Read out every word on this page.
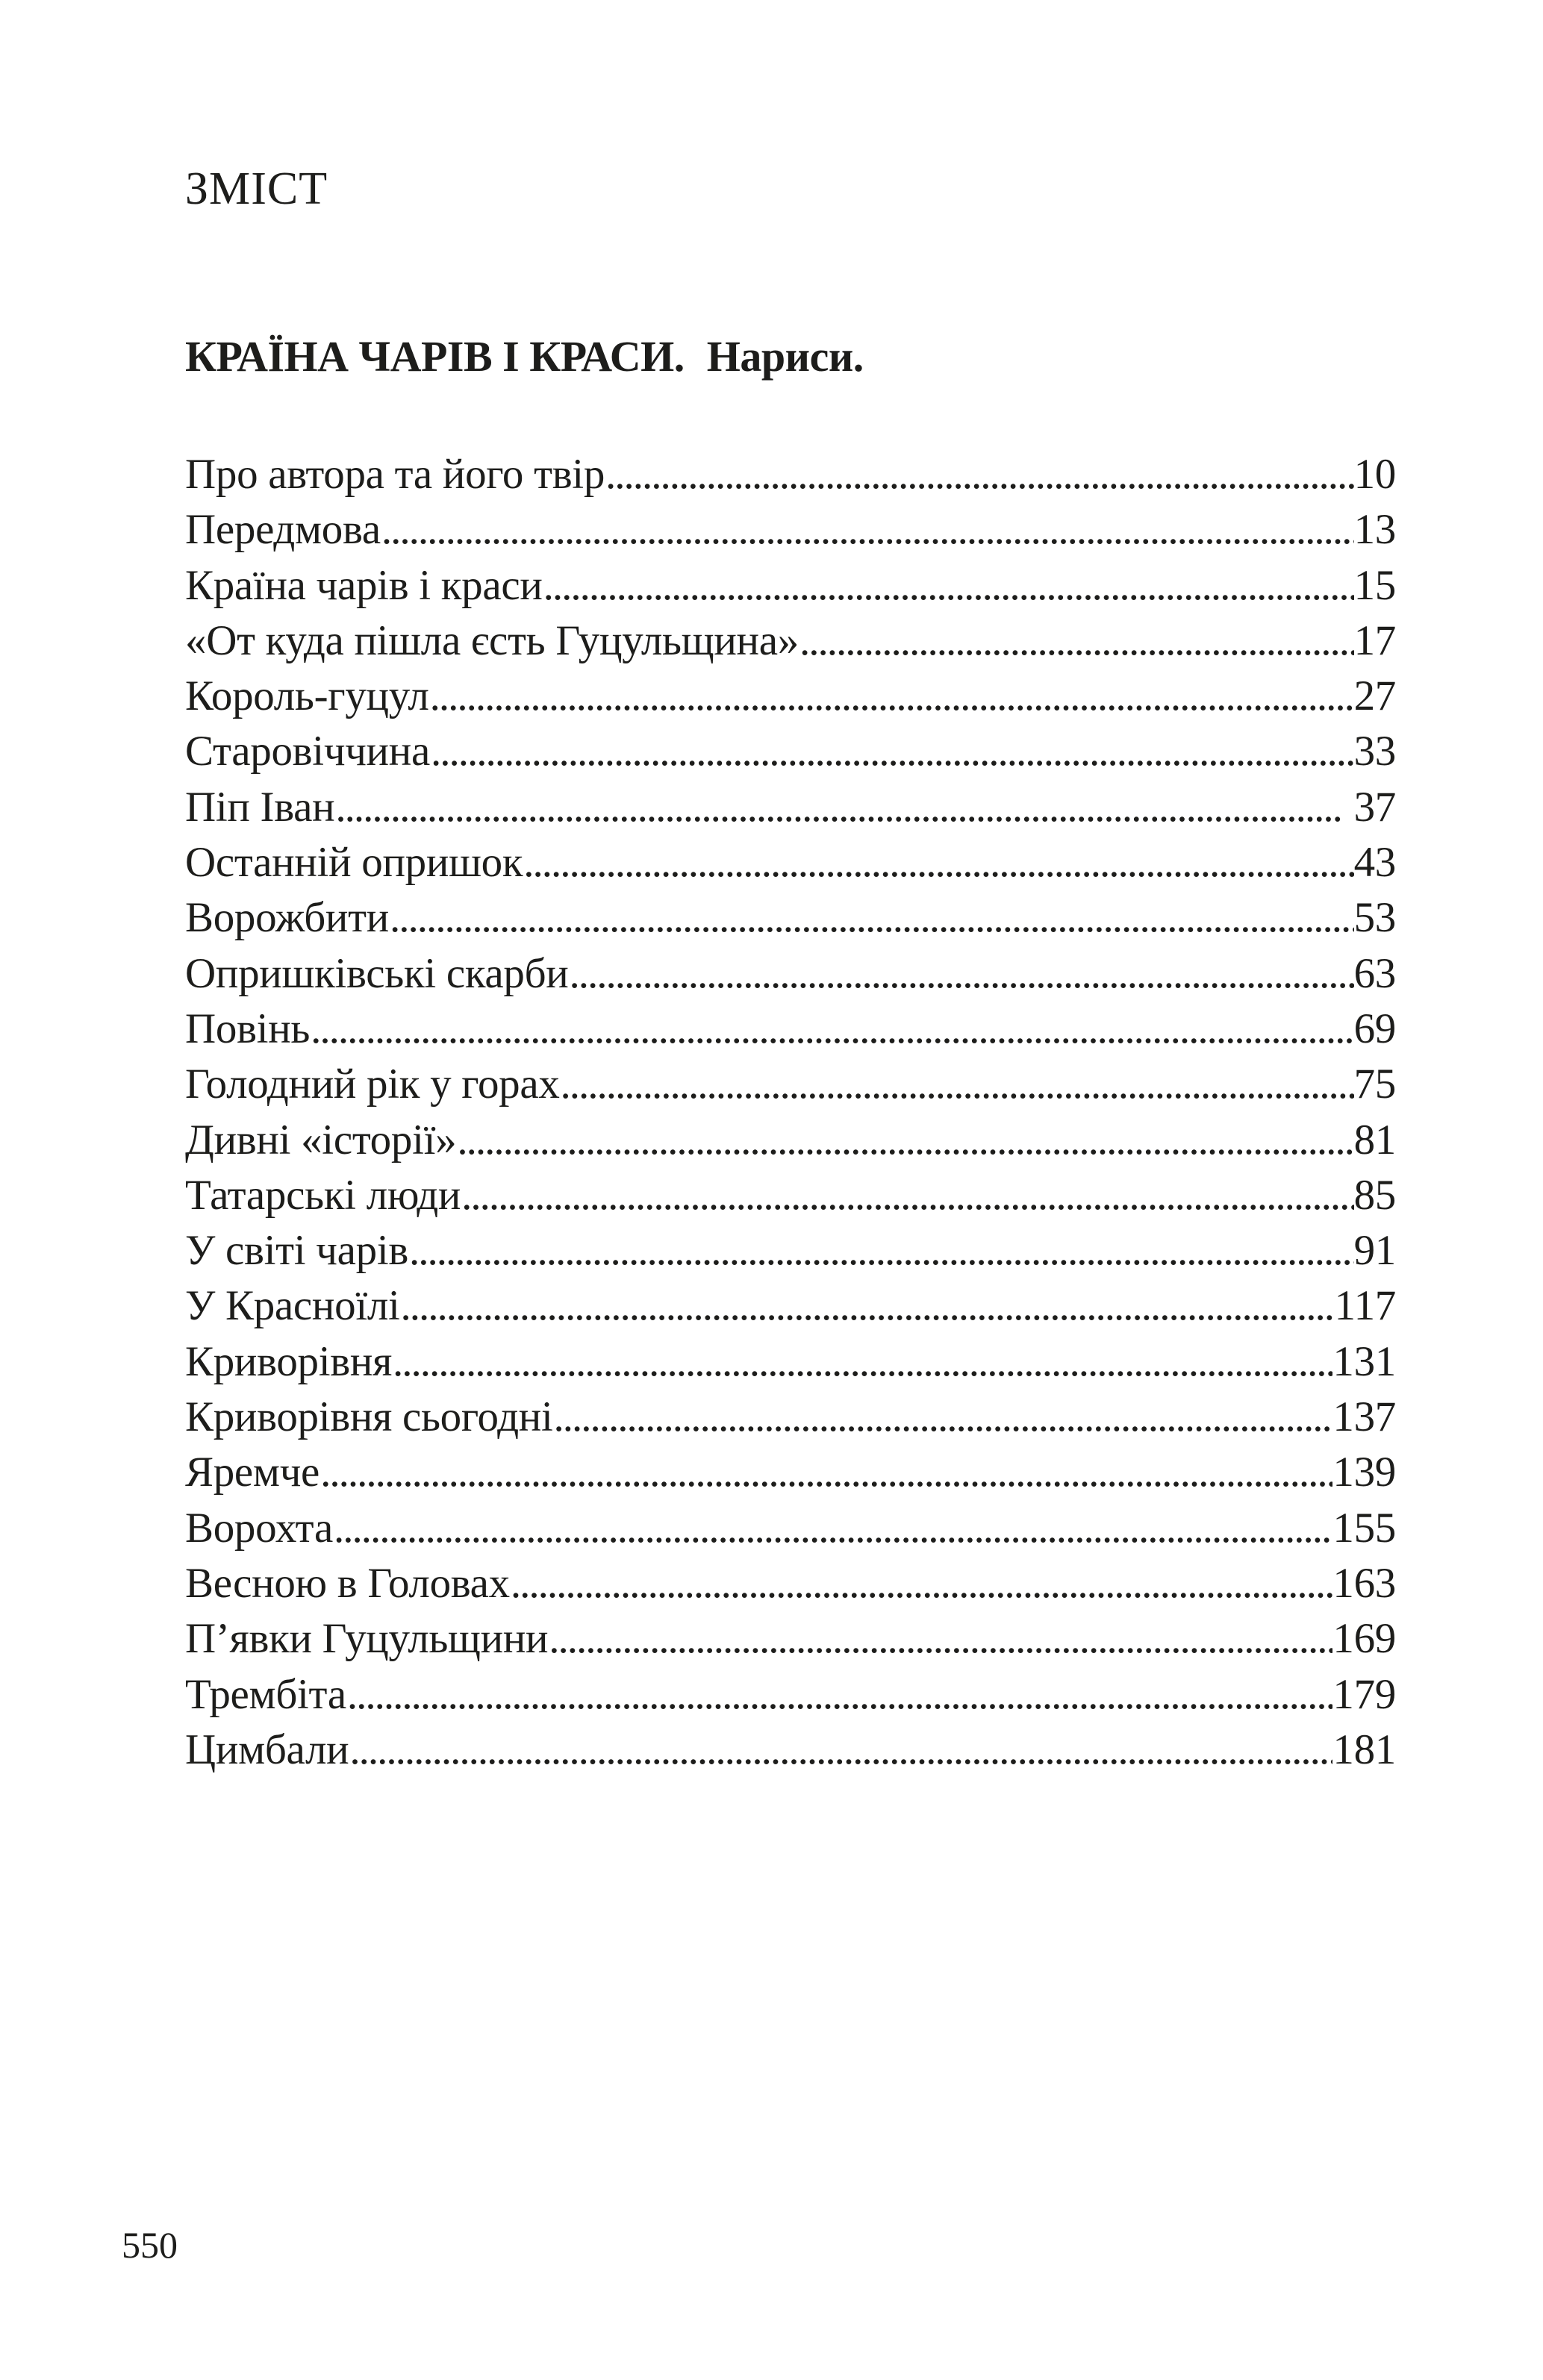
ЗМІСТ
КРАЇНА ЧАРІВ І КРАСИ. Нариси.
Про автора та його твір .....	10
Передмова .....	13
Країна чарів і краси .....	15
«От куда пішла єсть Гуцульщина» .....	17
Король-гуцул .....	27
Старовіччина .....	33
Піп Іван .....	37
Останній опришок .....	43
Ворожбити .....	53
Опришківські скарби .....	63
Повінь .....	69
Голодний рік у горах .....	75
Дивні «історії» .....	81
Татарські люди .....	85
У світі чарів .....	91
У Красноїлі .....	117
Криворівня .....	131
Криворівня сьогодні .....	137
Яремче .....	139
Ворохта .....	155
Весною в Головах .....	163
П’явки Гуцульщини .....	169
Трембіта .....	179
Цимбали .....	181
550
